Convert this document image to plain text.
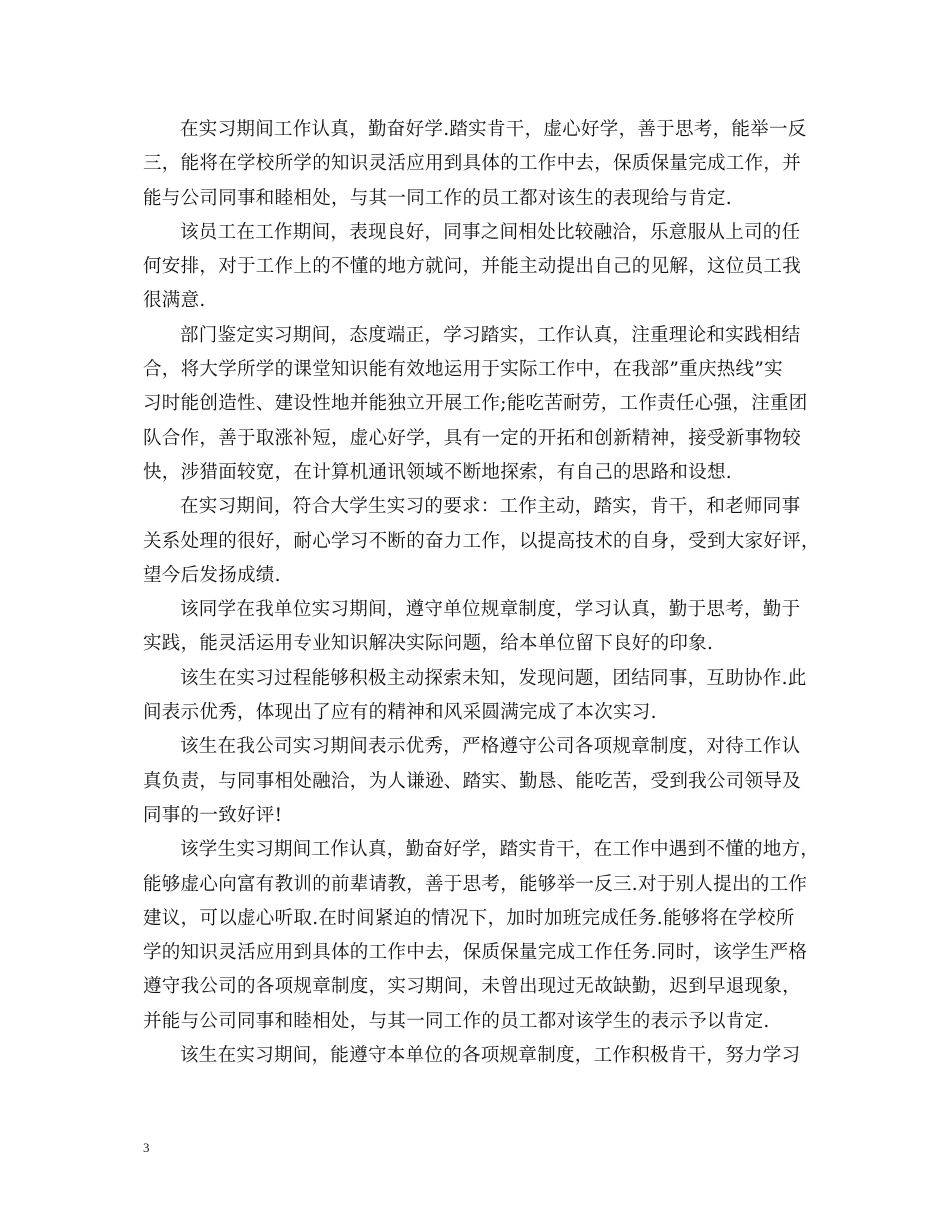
在实习期间工作认真，勤奋好学.踏实肯干，虚心好学，善于思考，能举一反
三，能将在学校所学的知识灵活应用到具体的工作中去，保质保量完成工作，并
能与公司同事和睦相处，与其一同工作的员工都对该生的表现给与肯定.
该员工在工作期间，表现良好，同事之间相处比较融洽，乐意服从上司的任
何安排，对于工作上的不懂的地方就问，并能主动提出自己的见解，这位员工我
很满意.
部门鉴定实习期间，态度端正，学习踏实，工作认真，注重理论和实践相结
合，将大学所学的课堂知识能有效地运用于实际工作中，在我部”重庆热线”实
习时能创造性、建设性地并能独立开展工作;能吃苦耐劳，工作责任心强，注重团
队合作，善于取涨补短，虚心好学，具有一定的开拓和创新精神，接受新事物较
快，涉猎面较宽，在计算机通讯领域不断地探索，有自己的思路和设想.
在实习期间，符合大学生实习的要求：工作主动，踏实，肯干，和老师同事
关系处理的很好，耐心学习不断的奋力工作，以提高技术的自身，受到大家好评，
望今后发扬成绩.
该同学在我单位实习期间，遵守单位规章制度，学习认真，勤于思考，勤于
实践，能灵活运用专业知识解决实际问题，给本单位留下良好的印象.
该生在实习过程能够积极主动探索未知，发现问题，团结同事，互助协作.此
间表示优秀，体现出了应有的精神和风采圆满完成了本次实习.
该生在我公司实习期间表示优秀，严格遵守公司各项规章制度，对待工作认
真负责，与同事相处融洽，为人谦逊、踏实、勤恳、能吃苦，受到我公司领导及
同事的一致好评!
该学生实习期间工作认真，勤奋好学，踏实肯干，在工作中遇到不懂的地方，
能够虚心向富有教训的前辈请教，善于思考，能够举一反三.对于别人提出的工作
建议，可以虚心听取.在时间紧迫的情况下，加时加班完成任务.能够将在学校所
学的知识灵活应用到具体的工作中去，保质保量完成工作任务.同时，该学生严格
遵守我公司的各项规章制度，实习期间，未曾出现过无故缺勤，迟到早退现象，
并能与公司同事和睦相处，与其一同工作的员工都对该学生的表示予以肯定.
该生在实习期间，能遵守本单位的各项规章制度，工作积极肯干，努力学习
3
